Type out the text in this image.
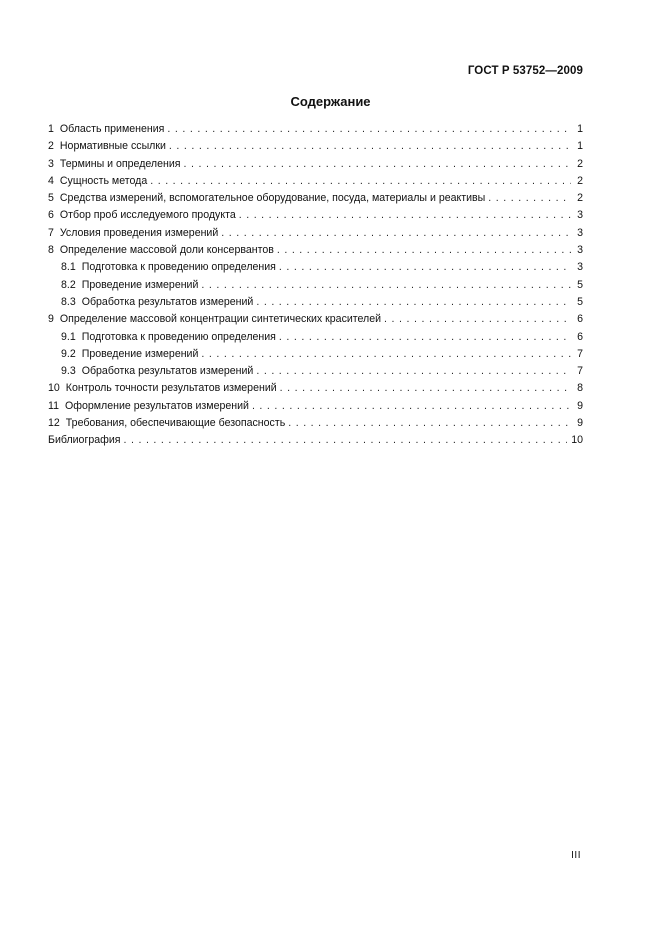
ГОСТ Р 53752—2009
Содержание
1 Область применения . . .	1
2 Нормативные ссылки . . .	1
3 Термины и определения . . .	2
4 Сущность метода . . .	2
5 Средства измерений, вспомогательное оборудование, посуда, материалы и реактивы . . .	2
6 Отбор проб исследуемого продукта . . .	3
7 Условия проведения измерений . . .	3
8 Определение массовой доли консервантов . . .	3
8.1 Подготовка к проведению определения . . .	3
8.2 Проведение измерений . . .	5
8.3 Обработка результатов измерений . . .	5
9 Определение массовой концентрации синтетических красителей . . .	6
9.1 Подготовка к проведению определения . . .	6
9.2 Проведение измерений . . .	7
9.3 Обработка результатов измерений . . .	7
10 Контроль точности результатов измерений . . .	8
11 Оформление результатов измерений . . .	9
12 Требования, обеспечивающие безопасность . . .	9
Библиография . . .	10
III
